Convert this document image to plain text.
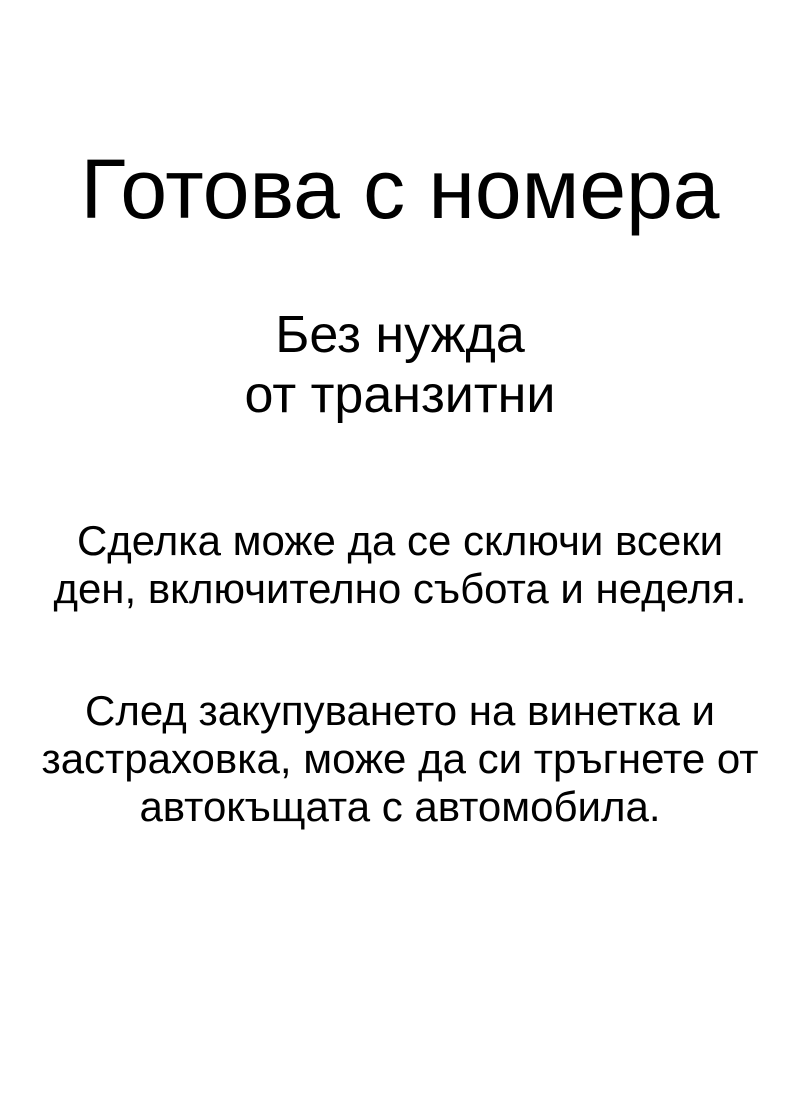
Готова с номера
Без нужда
от транзитни
Сделка може да се сключи всеки
ден, включително събота и неделя.
След закупуването на винетка и
застраховка, може да си тръгнете от
автокъщата с автомобила.
